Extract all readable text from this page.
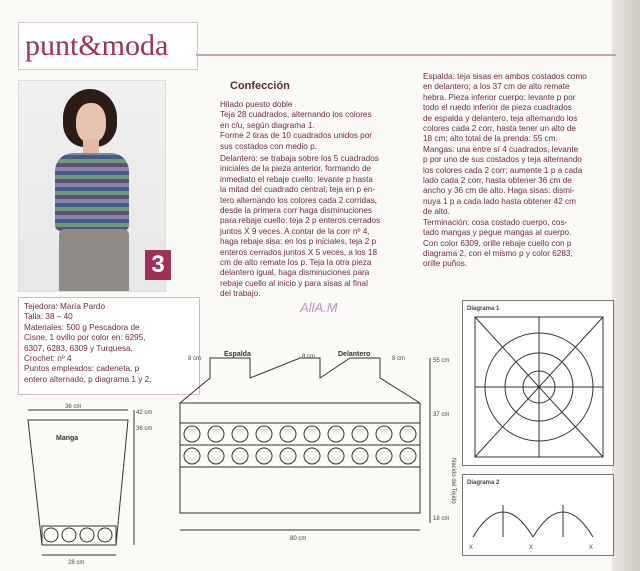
punt&moda
3
Confección
Hilado puesto doble
Teja 28 cuadrados, alternando los colores
en c/u, según diagrama 1.
Forme 2 tiras de 10 cuadrados unidos por
sus costados con medio p.
Delantero: se trabaja sobre los 5 cuadrados
iniciales de la pieza anterior, formando de
inmediato el rebaje cuello: levante p hasta
la mitad del cuadrado central; teja en p en-
tero alternando los colores cada 2 corridas,
desde la primera corr haga disminuciones
para rebaje cuello: teja 2 p enteros cerrados
juntos X 9 veces. A contar de la corr nº 4,
haga rebaje sisa: en los p iniciales, teja 2 p
enteros cerrados juntos X 5 veces, a los 18
cm de alto remate los p. Teja la otra pieza
delantero igual, haga disminuciones para
rebaje cuello al inicio y para sisas al final
del trabajo.
Espalda: teja sisas en ambos costados como
en delantero; a los 37 cm de alto remate
hebra. Pieza inferior cuerpo: levante p por
todo el ruedo inferior de pieza cuadrados
de espalda y delantero, teja alternando los
colores cada 2 corr, hasta tener un alto de
18 cm; alto total de la prenda: 55 cm.
Mangas: una entre sí 4 cuadrados, levante
p por uno de sus costados y teja alternando
los colores cada 2 corr; aumente 1 p a cada
lado cada 2 corr, hasta obtener 36 cm de
ancho y 36 cm de alto. Haga sisas: dismi-
nuya 1 p a cada lado hasta obtener 42 cm
de alto.
Terminación: cosa costado cuerpo, cos-
tado mangas y pegue mangas al cuerpo.
Con color 6309, orille rebaje cuello con p
diagrama 2, con el mismo p y color 6283,
orille puños.
Tejedora: María Pardo
Talla: 38 – 40
Materiales: 500 g Pescadora de
Cisne, 1 ovillo por color en: 6295,
6307, 6283, 6309 y Turquesa.
Crochet: nº 4
Puntos empleados: cadeneta, p
entero alternado, p diagrama 1 y 2.
AllA.M
36 cm
Manga
42 cm
36 cm
28 cm
Espalda	Delantero
8 cm	8 cm	8 cm	55 cm
37 cm
18 cm
80 cm
Nacido del Tejido
Diagrama 1
Diagrama 2
X	X	X
